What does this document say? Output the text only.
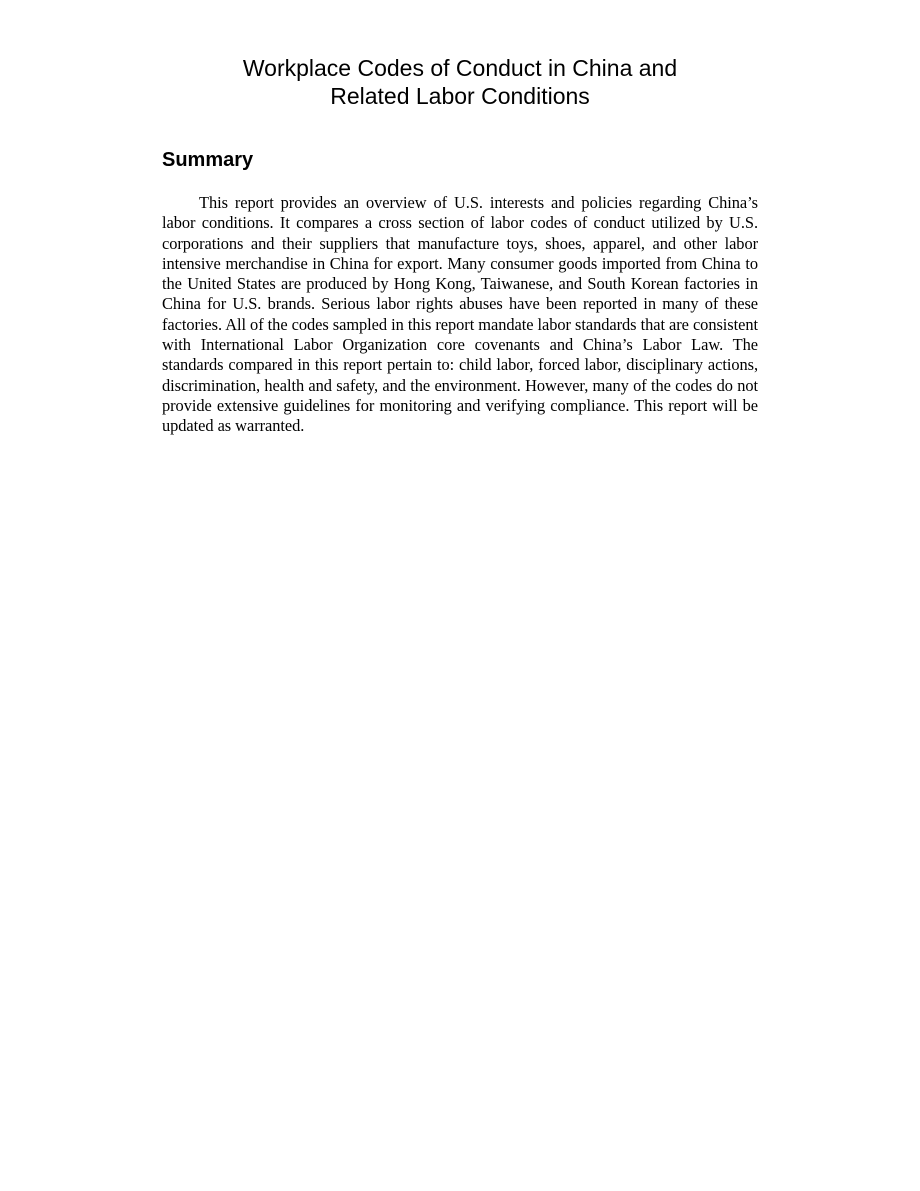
Workplace Codes of Conduct in China and
Related Labor Conditions
Summary

This report provides an overview of U.S. interests and policies regarding China’s labor conditions. It compares a cross section of labor codes of conduct utilized by U.S. corporations and their suppliers that manufacture toys, shoes, apparel, and other labor intensive merchandise in China for export. Many consumer goods imported from China to the United States are produced by Hong Kong, Taiwanese, and South Korean factories in China for U.S. brands. Serious labor rights abuses have been reported in many of these factories. All of the codes sampled in this report mandate labor standards that are consistent with International Labor Organization core covenants and China’s Labor Law. The standards compared in this report pertain to: child labor, forced labor, disciplinary actions, discrimination, health and safety, and the environment. However, many of the codes do not provide extensive guidelines for monitoring and verifying compliance. This report will be updated as warranted.
